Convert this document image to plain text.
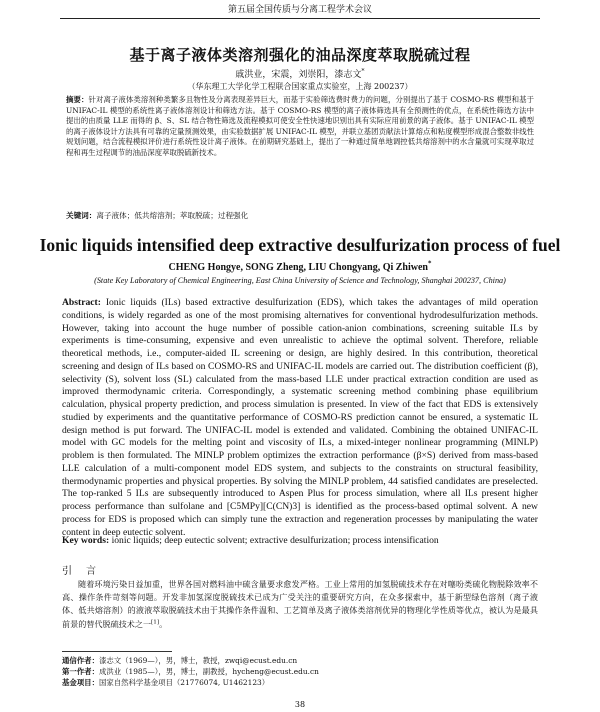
第五届全国传质与分离工程学术会议
基于离子液体类溶剂强化的油品深度萃取脱硫过程
戚洪业，宋震，刘崇阳，漆志文*
（华东理工大学化学工程联合国家重点实验室，上海 200237）
摘要：针对离子液体类溶剂种类繁多且物性及分离表现差异巨大，而基于实验筛选费时费力的问题，分别提出了基于 COSMO-RS 模型和基于 UNIFAC-IL 模型的系统性离子液体溶剂设计和筛选方法。基于 COSMO-RS 模型的离子液体筛选具有全预测性的优点，在系统性筛选方法中提出的由质量 LLE 而得的 β、S、SL 结合物性筛选及流程模拟可使安全性快速地识别出具有实际应用前景的离子液体。基于 UNIFAC-IL 模型的离子液体设计方法具有可靠的定量预测效果，由实验数据扩展 UNIFAC-IL 模型，并联立基团贡献法计算熔点和粘度模型形成混合整数非线性规划问题，结合流程模拟评价进行系统性设计离子液体。在前期研究基础上，提出了一种通过简单地调控低共熔溶剂中的水含量就可实现萃取过程和再生过程调节的油品深度萃取脱硫新技术。
关键词：离子液体；低共熔溶剂；萃取脱硫；过程强化
Ionic liquids intensified deep extractive desulfurization process of fuel
CHENG Hongye, SONG Zheng, LIU Chongyang, Qi Zhiwen*
(State Key Laboratory of Chemical Engineering, East China University of Science and Technology, Shanghai 200237, China)
Abstract: Ionic liquids (ILs) based extractive desulfurization (EDS), which takes the advantages of mild operation conditions, is widely regarded as one of the most promising alternatives for conventional hydrodesulfurization methods. However, taking into account the huge number of possible cation-anion combinations, screening suitable ILs by experiments is time-consuming, expensive and even unrealistic to achieve the optimal solvent. Therefore, reliable theoretical methods, i.e., computer-aided IL screening or design, are highly desired. In this contribution, theoretical screening and design of ILs based on COSMO-RS and UNIFAC-IL models are carried out. The distribution coefficient (β), selectivity (S), solvent loss (SL) calculated from the mass-based LLE under practical extraction condition are used as improved thermodynamic criteria. Correspondingly, a systematic screening method combining phase equilibrium calculation, physical property prediction, and process simulation is presented. In view of the fact that EDS is extensively studied by experiments and the quantitative performance of COSMO-RS prediction cannot be ensured, a systematic IL design method is put forward. The UNIFAC-IL model is extended and validated. Combining the obtained UNIFAC-IL model with GC models for the melting point and viscosity of ILs, a mixed-integer nonlinear programming (MINLP) problem is then formulated. The MINLP problem optimizes the extraction performance (β×S) derived from mass-based LLE calculation of a multi-component model EDS system, and subjects to the constraints on structural feasibility, thermodynamic properties and physical properties. By solving the MINLP problem, 44 satisfied candidates are preselected. The top-ranked 5 ILs are subsequently introduced to Aspen Plus for process simulation, where all ILs present higher process performance than sulfolane and [C5MPy][C(CN)3] is identified as the process-based optimal solvent. A new process for EDS is proposed which can simply tune the extraction and regeneration processes by manipulating the water content in deep eutectic solvent.
Key words: ionic liquids; deep eutectic solvent; extractive desulfurization; process intensification
引言
随着环境污染日益加重，世界各国对燃料油中硫含量要求愈发严格。工业上常用的加氢脱硫技术存在对噻吩类硫化物脱除效率不高、操作条件苛刻等问题。开发非加氢深度脱硫技术已成为广受关注的重要研究方向，在众多探索中，基于新型绿色溶剂（离子液体、低共熔溶剂）的液液萃取脱硫技术由于其操作条件温和、工艺简单及离子液体类溶剂优异的物理化学性质等优点，被认为是最具前景的替代脱硫技术之一[1]。
通信作者：漆志文（1969—），男，博士，教授，zwqi@ecust.edu.cn
第一作者：成洪业（1985—），男，博士，副教授，hycheng@ecust.edu.cn
基金项目：国家自然科学基金项目（21776074, U1462123）
38
